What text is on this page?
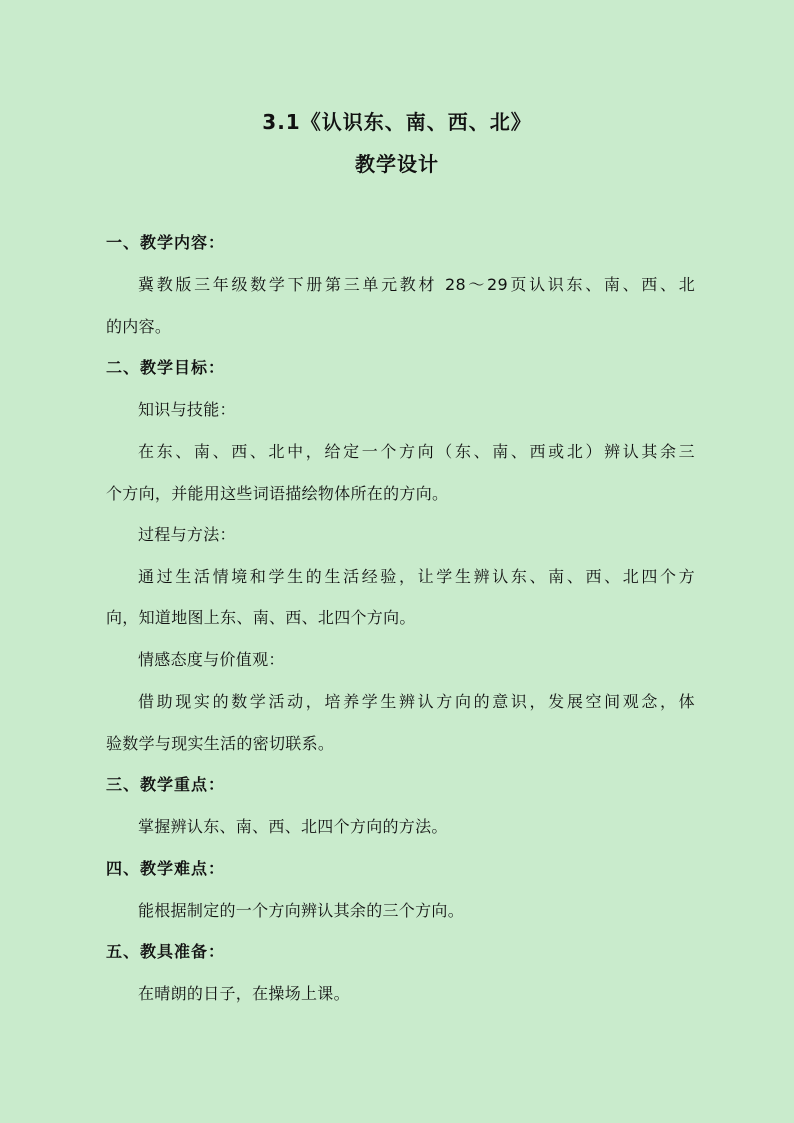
3.1《认识东、南、西、北》
教学设计
一、教学内容：
冀教版三年级数学下册第三单元教材 28～29页认识东、南、西、北
的内容。
二、教学目标：
知识与技能：
在东、南、西、北中，给定一个方向（东、南、西或北）辨认其余三
个方向，并能用这些词语描绘物体所在的方向。
过程与方法：
通过生活情境和学生的生活经验，让学生辨认东、南、西、北四个方
向，知道地图上东、南、西、北四个方向。
情感态度与价值观：
借助现实的数学活动，培养学生辨认方向的意识，发展空间观念，体
验数学与现实生活的密切联系。
三、教学重点：
掌握辨认东、南、西、北四个方向的方法。
四、教学难点：
能根据制定的一个方向辨认其余的三个方向。
五、教具准备：
在晴朗的日子，在操场上课。
